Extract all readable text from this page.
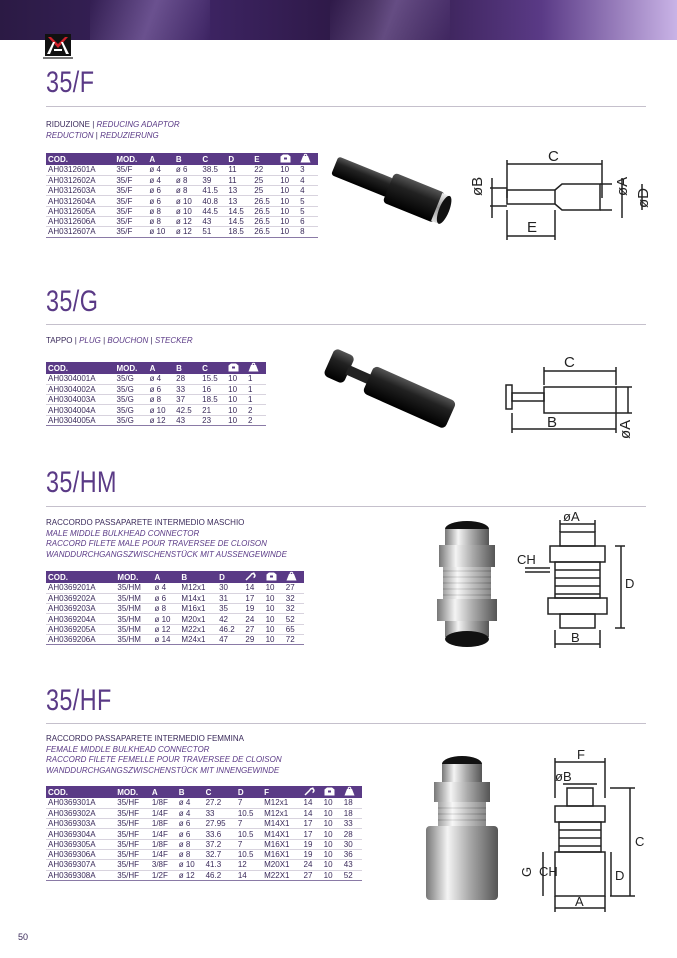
35/F
RIDUZIONE | REDUCING ADAPTOR
REDUCTION | REDUZIERUNG
COD.	MOD.	A	B	C	D	E		
AH0312601A	35/F	ø 4	ø 6	38.5	11	22	10	3
AH0312602A	35/F	ø 4	ø 8	39	11	25	10	4
AH0312603A	35/F	ø 6	ø 8	41.5	13	25	10	4
AH0312604A	35/F	ø 6	ø 10	40.8	13	26.5	10	5
AH0312605A	35/F	ø 8	ø 10	44.5	14.5	26.5	10	5
AH0312606A	35/F	ø 8	ø 12	43	14.5	26.5	10	6
AH0312607A	35/F	ø 10	ø 12	51	18.5	26.5	10	8
C
øB	øA
øD
E
35/G
TAPPO | PLUG | BOUCHON | STECKER
COD.	MOD.	A	B	C		
AH0304001A	35/G	ø 4	28	15.5	10	1
AH0304002A	35/G	ø 6	33	16	10	1
AH0304003A	35/G	ø 8	37	18.5	10	1
AH0304004A	35/G	ø 10	42.5	21	10	2
AH0304005A	35/G	ø 12	43	23	10	2
C
B	øA
35/HM
RACCORDO PASSAPARETE INTERMEDIO MASCHIO
MALE MIDDLE BULKHEAD CONNECTOR
RACCORD FILETE MALE POUR TRAVERSEE DE CLOISON
WANDDURCHGANGSZWISCHENSTÜCK MIT AUSSENGEWINDE
COD.	MOD.	A	B	D			
AH0369201A	35/HM	ø 4	M12x1	30	14	10	27
AH0369202A	35/HM	ø 6	M14x1	31	17	10	32
AH0369203A	35/HM	ø 8	M16x1	35	19	10	32
AH0369204A	35/HM	ø 10	M20x1	42	24	10	52
AH0369205A	35/HM	ø 12	M22x1	46.2	27	10	65
AH0369206A	35/HM	ø 14	M24x1	47	29	10	72
øA
CH
D
B
35/HF
RACCORDO PASSAPARETE INTERMEDIO FEMMINA
FEMALE MIDDLE BULKHEAD CONNECTOR
RACCORD FILETE FEMELLE POUR TRAVERSEE DE CLOISON
WANDDURCHGANGSZWISCHENSTÜCK MIT INNENGEWINDE
COD.	MOD.	A	B	C	D	F			
AH0369301A	35/HF	1/8F	ø 4	27.2	7	M12x1	14	10	18
AH0369302A	35/HF	1/4F	ø 4	33	10.5	M12x1	14	10	18
AH0369303A	35/HF	1/8F	ø 6	27.95	7	M14X1	17	10	33
AH0369304A	35/HF	1/4F	ø 6	33.6	10.5	M14X1	17	10	28
AH0369305A	35/HF	1/8F	ø 8	37.2	7	M16X1	19	10	30
AH0369306A	35/HF	1/4F	ø 8	32.7	10.5	M16X1	19	10	36
AH0369307A	35/HF	3/8F	ø 10	41.3	12	M20X1	24	10	43
AH0369308A	35/HF	1/2F	ø 12	46.2	14	M22X1	27	10	52
F
øB
C
G CH	D
A
50
